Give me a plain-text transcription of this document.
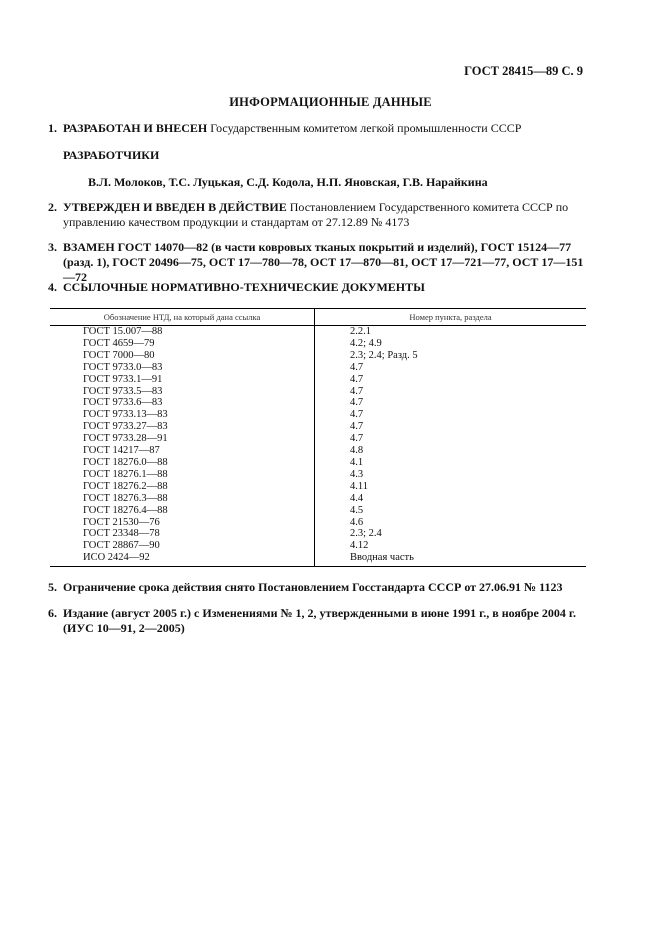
ГОСТ 28415—89 С. 9
ИНФОРМАЦИОННЫЕ ДАННЫЕ
1. РАЗРАБОТАН И ВНЕСЕН Государственным комитетом легкой промышленности СССР
РАЗРАБОТЧИКИ
В.Л. Молоков, Т.С. Луцькая, С.Д. Кодола, Н.П. Яновская, Г.В. Нарайкина
2. УТВЕРЖДЕН И ВВЕДЕН В ДЕЙСТВИЕ Постановлением Государственного комитета СССР по управлению качеством продукции и стандартам от 27.12.89 № 4173
3. ВЗАМЕН ГОСТ 14070—82 (в части ковровых тканых покрытий и изделий), ГОСТ 15124—77 (разд. 1), ГОСТ 20496—75, ОСТ 17—780—78, ОСТ 17—870—81, ОСТ 17—721—77, ОСТ 17—151—72
4. ССЫЛОЧНЫЕ НОРМАТИВНО-ТЕХНИЧЕСКИЕ ДОКУМЕНТЫ
Обозначение НТД, на который дана ссылка	Номер пункта, раздела
ГОСТ 15.007—88	2.2.1
ГОСТ 4659—79	4.2; 4.9
ГОСТ 7000—80	2.3; 2.4; Разд. 5
ГОСТ 9733.0—83	4.7
ГОСТ 9733.1—91	4.7
ГОСТ 9733.5—83	4.7
ГОСТ 9733.6—83	4.7
ГОСТ 9733.13—83	4.7
ГОСТ 9733.27—83	4.7
ГОСТ 9733.28—91	4.7
ГОСТ 14217—87	4.8
ГОСТ 18276.0—88	4.1
ГОСТ 18276.1—88	4.3
ГОСТ 18276.2—88	4.11
ГОСТ 18276.3—88	4.4
ГОСТ 18276.4—88	4.5
ГОСТ 21530—76	4.6
ГОСТ 23348—78	2.3; 2.4
ГОСТ 28867—90	4.12
ИСО 2424—92	Вводная часть
5. Ограничение срока действия снято Постановлением Госстандарта СССР от 27.06.91 № 1123
6. Издание (август 2005 г.) с Изменениями № 1, 2, утвержденными в июне 1991 г., в ноябре 2004 г. (ИУС 10—91, 2—2005)
